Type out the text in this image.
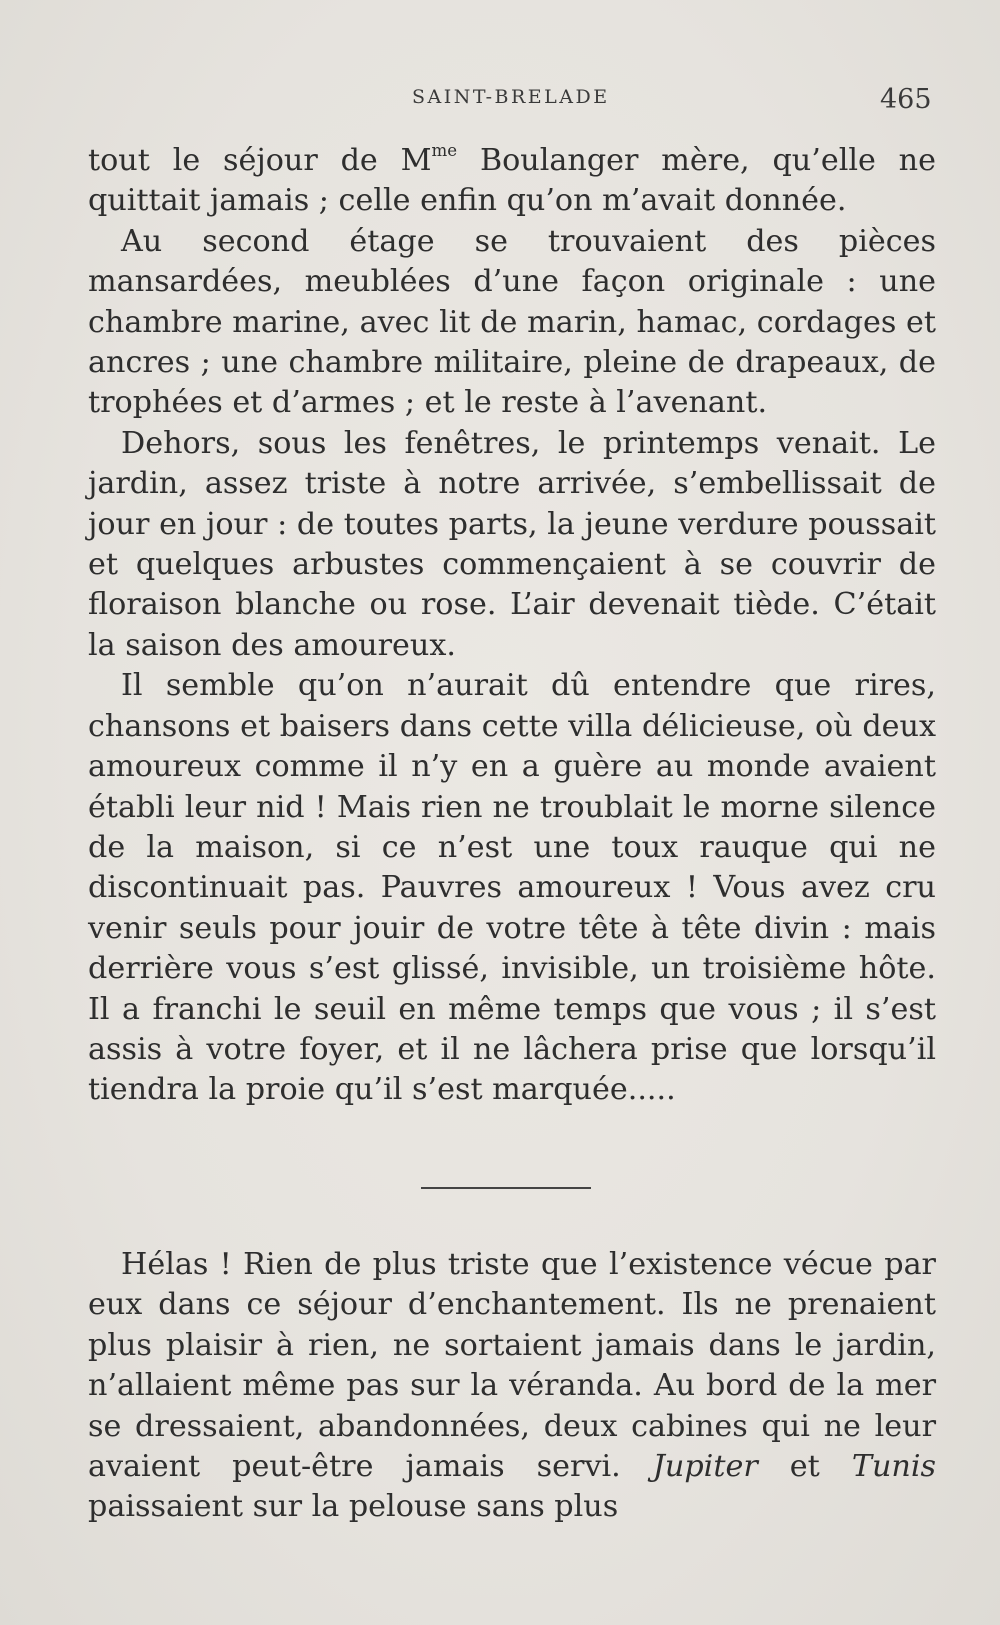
SAINT-BRELADE	465

tout le séjour de $M^{me}$ Boulanger mère, qu’elle ne quittait jamais ; celle enfin qu’on m’avait donnée.

Au second étage se trouvaient des pièces mansardées, meublées d’une façon originale : une chambre marine, avec lit de marin, hamac, cordages et ancres ; une chambre militaire, pleine de drapeaux, de trophées et d’armes ; et le reste à l’avenant.

Dehors, sous les fenêtres, le printemps venait. Le jardin, assez triste à notre arrivée, s’embellissait de jour en jour : de toutes parts, la jeune verdure poussait et quelques arbustes commençaient à se couvrir de floraison blanche ou rose. L’air devenait tiède. C’était la saison des amoureux.

Il semble qu’on n’aurait dû entendre que rires, chansons et baisers dans cette villa délicieuse, où deux amoureux comme il n’y en a guère au monde avaient établi leur nid ! Mais rien ne troublait le morne silence de la maison, si ce n’est une toux rauque qui ne discontinuait pas. Pauvres amoureux ! Vous avez cru venir seuls pour jouir de votre tête à tête divin : mais derrière vous s’est glissé, invisible, un troisième hôte. Il a franchi le seuil en même temps que vous ; il s’est assis à votre foyer, et il ne lâchera prise que lorsqu’il tiendra la proie qu’il s’est marquée.....

Hélas ! Rien de plus triste que l’existence vécue par eux dans ce séjour d’enchantement. Ils ne prenaient plus plaisir à rien, ne sortaient jamais dans le jardin, n’allaient même pas sur la véranda. Au bord de la mer se dressaient, abandonnées, deux cabines qui ne leur avaient peut-être jamais servi. Jupiter et Tunis paissaient sur la pelouse sans plus
